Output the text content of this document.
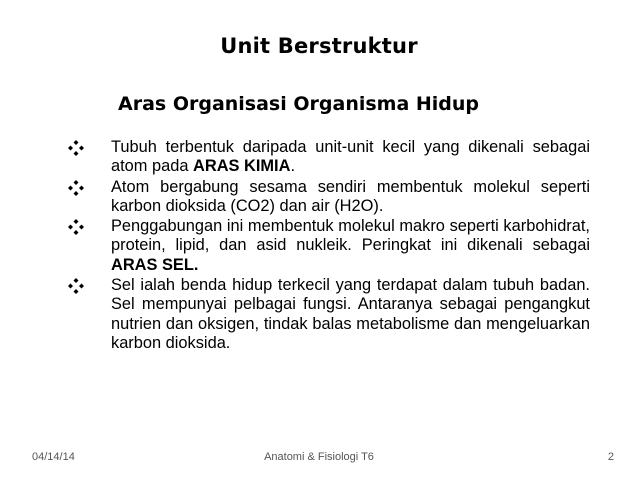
Unit Berstruktur
Aras Organisasi Organisma Hidup
Tubuh terbentuk daripada unit-unit kecil yang dikenali sebagai atom pada ARAS KIMIA.
Atom bergabung sesama sendiri membentuk molekul seperti karbon dioksida (CO2) dan air (H2O).
Penggabungan ini membentuk molekul makro seperti karbohidrat, protein, lipid, dan asid nukleik. Peringkat ini dikenali sebagai ARAS SEL.
Sel ialah benda hidup terkecil yang terdapat dalam tubuh badan. Sel mempunyai pelbagai fungsi. Antaranya sebagai pengangkut nutrien dan oksigen, tindak balas metabolisme dan mengeluarkan karbon dioksida.
04/14/14	Anatomi & Fisiologi T6	2
